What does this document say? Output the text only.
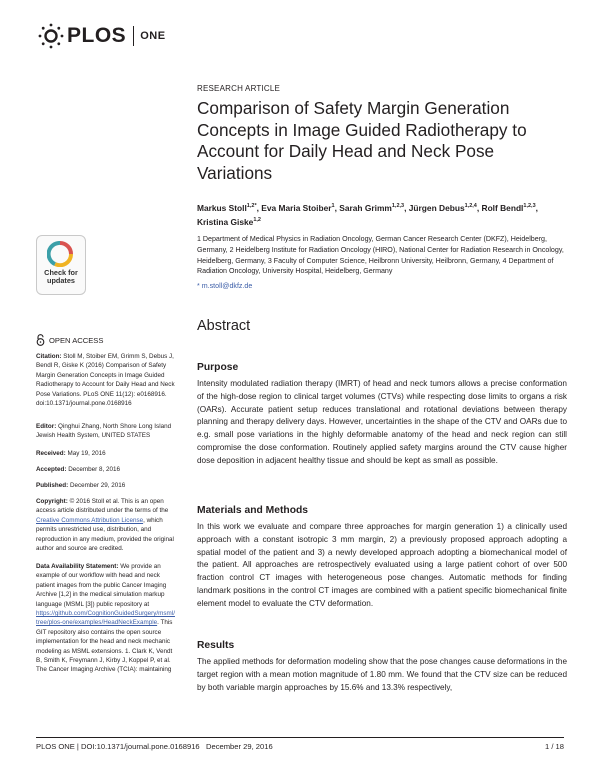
PLOS ONE
RESEARCH ARTICLE
Comparison of Safety Margin Generation Concepts in Image Guided Radiotherapy to Account for Daily Head and Neck Pose Variations
Markus Stoll$^{1,2*}$, Eva Maria Stoiber$^1$, Sarah Grimm$^{1,2,3}$, Jürgen Debus$^{1,2,4}$, Rolf Bendl$^{1,2,3}$, Kristina Giske$^{1,2}$
1 Department of Medical Physics in Radiation Oncology, German Cancer Research Center (DKFZ), Heidelberg, Germany, 2 Heidelberg Institute for Radiation Oncology (HIRO), National Center for Radiation Research in Oncology, Heidelberg, Germany, 3 Faculty of Computer Science, Heilbronn University, Heilbronn, Germany, 4 Department of Radiation Oncology, University Hospital, Heidelberg, Germany
* m.stoll@dkfz.de
Abstract
Purpose
Intensity modulated radiation therapy (IMRT) of head and neck tumors allows a precise conformation of the high-dose region to clinical target volumes (CTVs) while respecting dose limits to organs a risk (OARs). Accurate patient setup reduces translational and rotational deviations between therapy planning and therapy delivery days. However, uncertainties in the shape of the CTV and OARs due to e.g. small pose variations in the highly deformable anatomy of the head and neck region can still compromise the dose conformation. Routinely applied safety margins around the CTV cause higher dose deposition in adjacent healthy tissue and should be kept as small as possible.
Materials and Methods
In this work we evaluate and compare three approaches for margin generation 1) a clinically used approach with a constant isotropic 3 mm margin, 2) a previously proposed approach adopting a spatial model of the patient and 3) a newly developed approach adopting a biomechanical model of the patient. All approaches are retrospectively evaluated using a large patient cohort of over 500 fraction control CT images with heterogeneous pose changes. Automatic methods for finding landmark positions in the control CT images are combined with a patient specific biomechanical finite element model to evaluate the CTV deformation.
Results
The applied methods for deformation modeling show that the pose changes cause deformations in the target region with a mean motion magnitude of 1.80 mm. We found that the CTV size can be reduced by both variable margin approaches by 15.6% and 13.3% respectively,
Check for updates
OPEN ACCESS
Citation: Stoll M, Stoiber EM, Grimm S, Debus J, Bendl R, Giske K (2016) Comparison of Safety Margin Generation Concepts in Image Guided Radiotherapy to Account for Daily Head and Neck Pose Variations. PLoS ONE 11(12): e0168916. doi:10.1371/journal.pone.0168916
Editor: Qinghui Zhang, North Shore Long Island Jewish Health System, UNITED STATES
Received: May 19, 2016
Accepted: December 8, 2016
Published: December 29, 2016
Copyright: © 2016 Stoll et al. This is an open access article distributed under the terms of the Creative Commons Attribution License, which permits unrestricted use, distribution, and reproduction in any medium, provided the original author and source are credited.
Data Availability Statement: We provide an example of our workflow with head and neck patient images from the public Cancer Imaging Archive [1,2] in the medical simulation markup language (MSML [3]) public repository at https://github.com/CognitionGuidedSurgery/msml/tree/plos-one/examples/HeadNeckExample. This GIT repository also contains the open source implementation for the head and neck mechanic modeling as MSML extensions. 1. Clark K, Vendt B, Smith K, Freymann J, Kirby J, Koppel P, et al. The Cancer Imaging Archive (TCIA): maintaining
PLOS ONE | DOI:10.1371/journal.pone.0168916   December 29, 2016	1 / 18
